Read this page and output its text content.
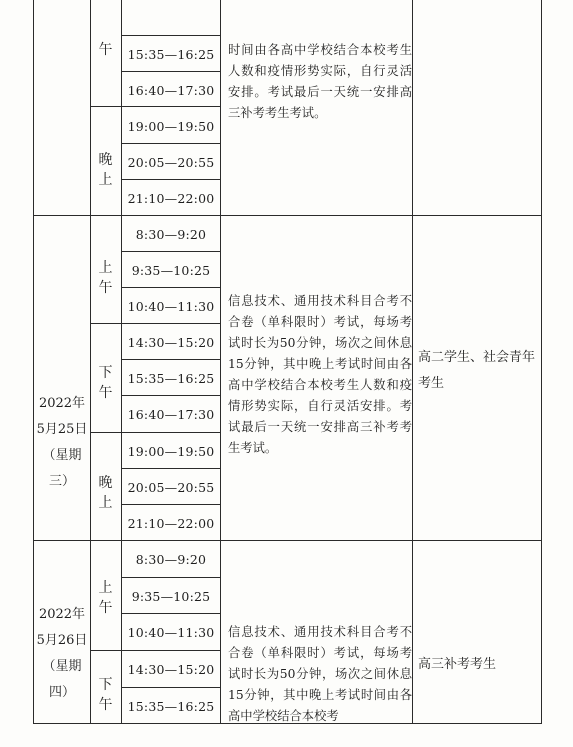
午
晚上
15:35—16:25
16:40—17:30
19:00—19:50
20:05—20:55
21:10—22:00
时间由各高中学校结合本校考生人数和疫情形势实际，自行灵活安排。考试最后一天统一安排高三补考考生考试。
2022年5月25日（星期三）
上午
下午
晚上
8:30—9:20
9:35—10:25
10:40—11:30
14:30—15:20
15:35—16:25
16:40—17:30
19:00—19:50
20:05—20:55
21:10—22:00
信息技术、通用技术科目合考不合卷（单科限时）考试，每场考试时长为50分钟，场次之间休息15分钟，其中晚上考试时间由各高中学校结合本校考生人数和疫情形势实际，自行灵活安排。考试最后一天统一安排高三补考考生考试。
高二学生、社会青年考生
2022年5月26日（星期四）
上午
下午
8:30—9:20
9:35—10:25
10:40—11:30
14:30—15:20
15:35—16:25
信息技术、通用技术科目合考不合卷（单科限时）考试，每场考试时长为50分钟，场次之间休息15分钟，其中晚上考试时间由各高中学校结合本校考
高三补考考生
